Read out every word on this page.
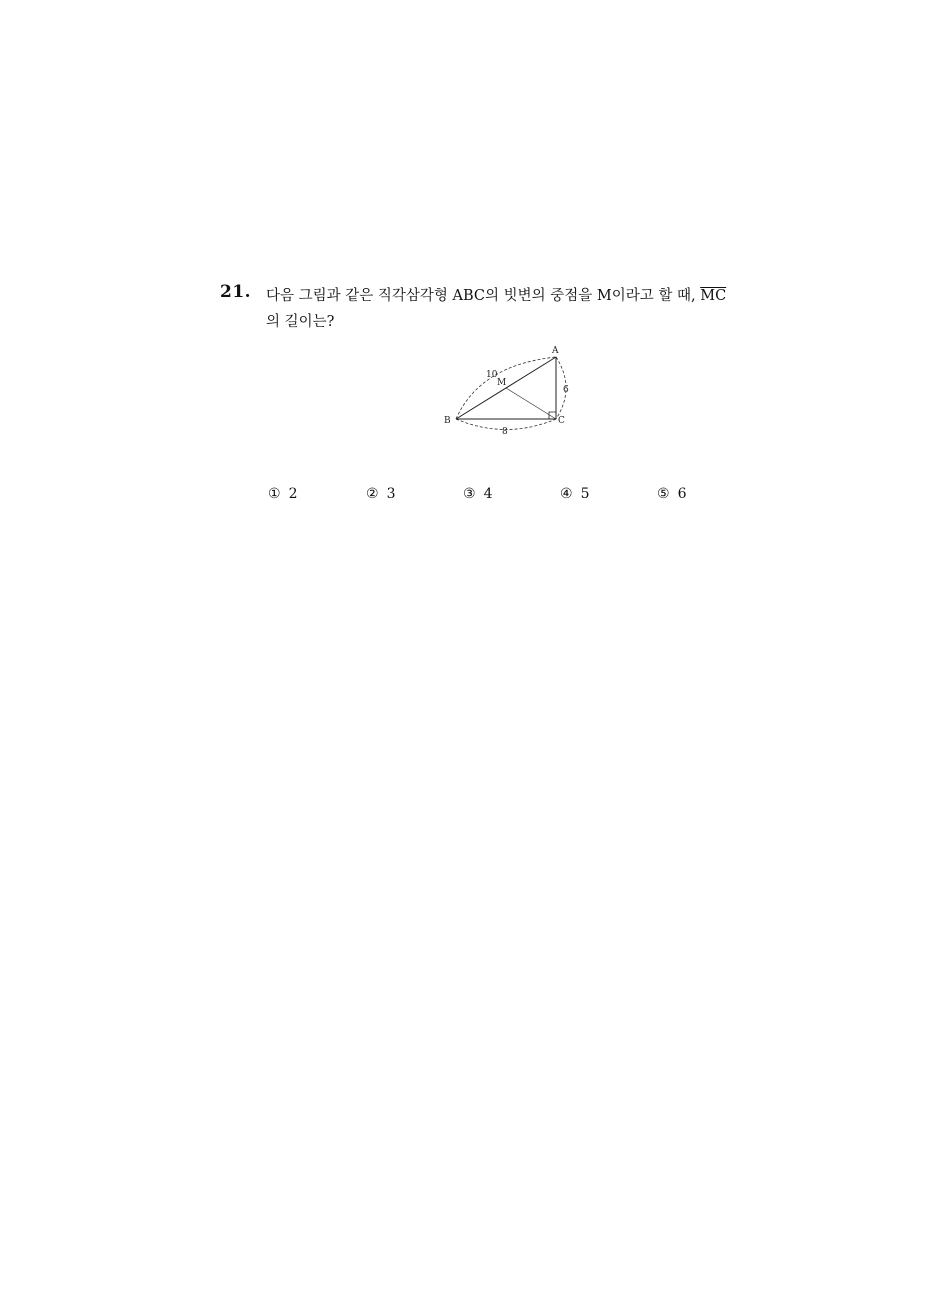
21. 다음 그림과 같은 직각삼각형 ABC의 빗변의 중점을 M이라고 할 때, $\overline{MC}$
의 길이는?
A
B	C
M
10
6
8
① 2	② 3	③ 4	④ 5	⑤ 6
